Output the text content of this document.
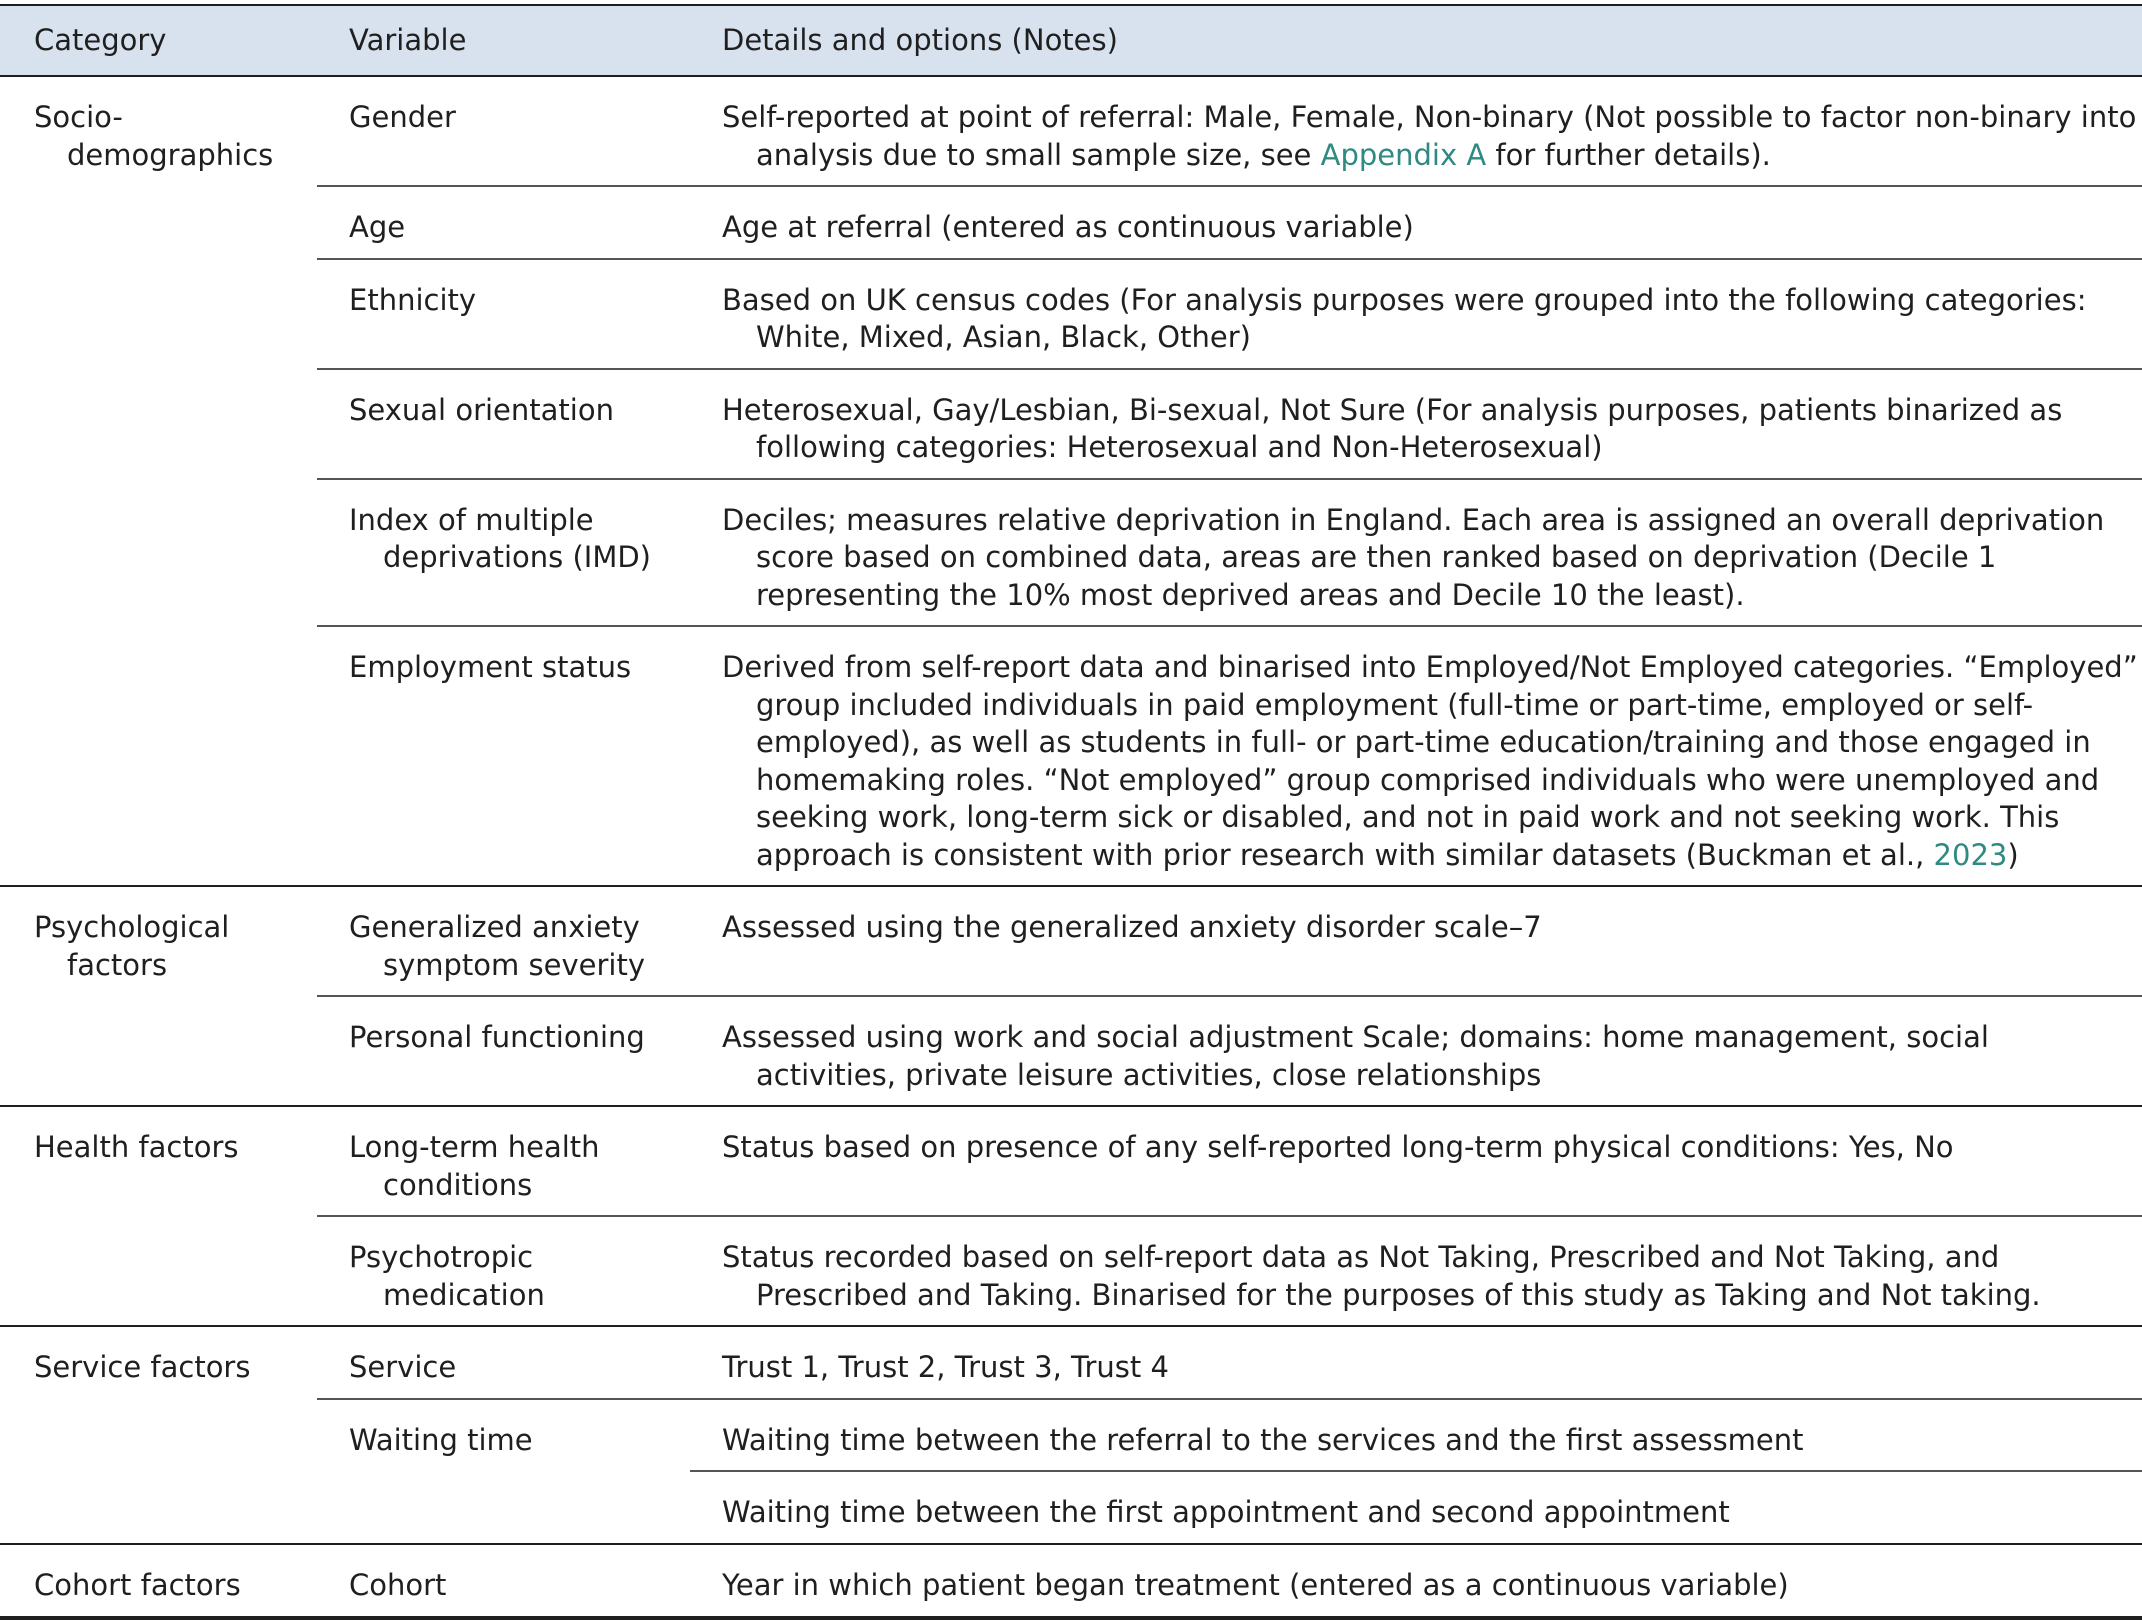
Category	Variable	Details and options (Notes)

Socio-demographics	Gender	Self-reported at point of referral: Male, Female, Non-binary (Not possible to factor non-binary into analysis due to small sample size, see Appendix A for further details).

	Age	Age at referral (entered as continuous variable)

	Ethnicity	Based on UK census codes (For analysis purposes were grouped into the following categories: White, Mixed, Asian, Black, Other)

	Sexual orientation	Heterosexual, Gay/Lesbian, Bi-sexual, Not Sure (For analysis purposes, patients binarized as following categories: Heterosexual and Non-Heterosexual)

	Index of multiple deprivations (IMD)	Deciles; measures relative deprivation in England. Each area is assigned an overall deprivation score based on combined data, areas are then ranked based on deprivation (Decile 1 representing the 10% most deprived areas and Decile 10 the least).

	Employment status	Derived from self-report data and binarised into Employed/Not Employed categories. “Employed” group included individuals in paid employment (full-time or part-time, employed or self-employed), as well as students in full- or part-time education/training and those engaged in homemaking roles. “Not employed” group comprised individuals who were unemployed and seeking work, long-term sick or disabled, and not in paid work and not seeking work. This approach is consistent with prior research with similar datasets (Buckman et al., 2023)

Psychological factors	Generalized anxiety symptom severity	Assessed using the generalized anxiety disorder scale–7

	Personal functioning	Assessed using work and social adjustment Scale; domains: home management, social activities, private leisure activities, close relationships

Health factors	Long-term health conditions	Status based on presence of any self-reported long-term physical conditions: Yes, No

	Psychotropic medication	Status recorded based on self-report data as Not Taking, Prescribed and Not Taking, and Prescribed and Taking. Binarised for the purposes of this study as Taking and Not taking.

Service factors	Service	Trust 1, Trust 2, Trust 3, Trust 4

	Waiting time	Waiting time between the referral to the services and the first assessment

		Waiting time between the first appointment and second appointment

Cohort factors	Cohort	Year in which patient began treatment (entered as a continuous variable)
